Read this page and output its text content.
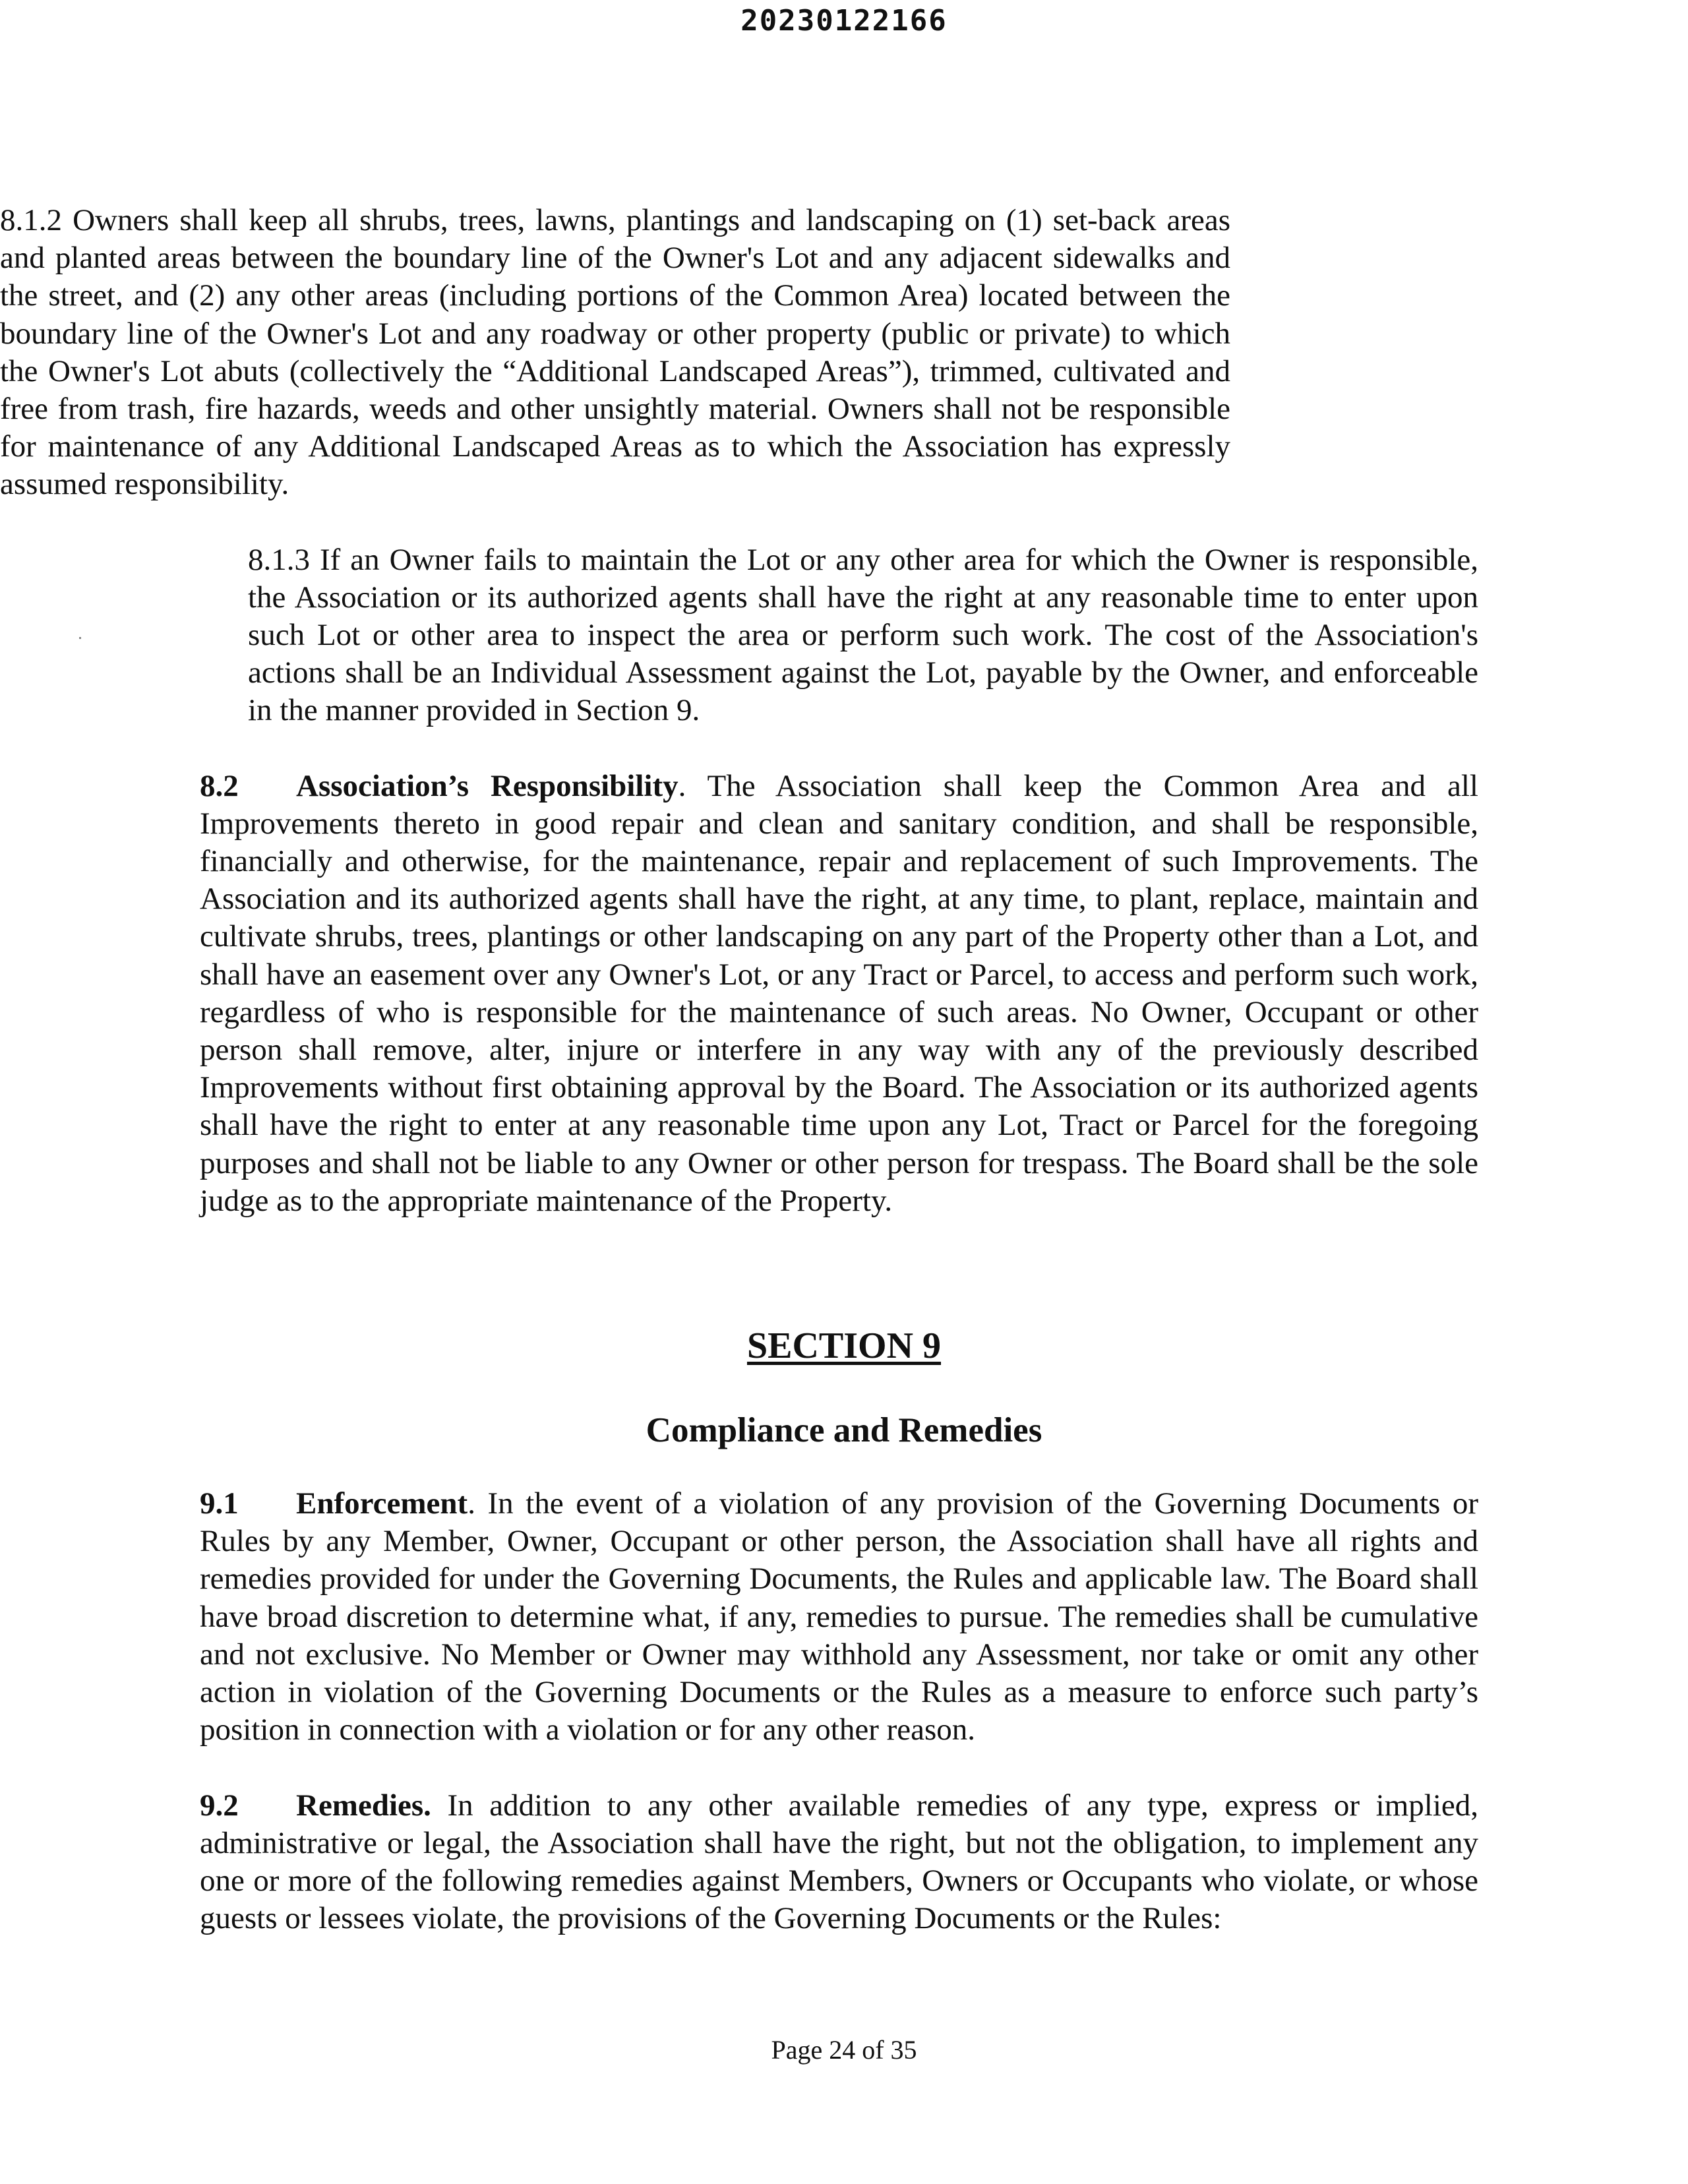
20230122166

8.1.2 Owners shall keep all shrubs, trees, lawns, plantings and landscaping on (1) set-back areas and planted areas between the boundary line of the Owner's Lot and any adjacent sidewalks and the street, and (2) any other areas (including portions of the Common Area) located between the boundary line of the Owner's Lot and any roadway or other property (public or private) to which the Owner's Lot abuts (collectively the “Additional Landscaped Areas”), trimmed, cultivated and free from trash, fire hazards, weeds and other unsightly material. Owners shall not be responsible for maintenance of any Additional Landscaped Areas as to which the Association has expressly assumed responsibility.

8.1.3 If an Owner fails to maintain the Lot or any other area for which the Owner is responsible, the Association or its authorized agents shall have the right at any reasonable time to enter upon such Lot or other area to inspect the area or perform such work. The cost of the Association's actions shall be an Individual Assessment against the Lot, payable by the Owner, and enforceable in the manner provided in Section 9.

8.2 Association’s Responsibility. The Association shall keep the Common Area and all Improvements thereto in good repair and clean and sanitary condition, and shall be responsible, financially and otherwise, for the maintenance, repair and replacement of such Improvements. The Association and its authorized agents shall have the right, at any time, to plant, replace, maintain and cultivate shrubs, trees, plantings or other landscaping on any part of the Property other than a Lot, and shall have an easement over any Owner's Lot, or any Tract or Parcel, to access and perform such work, regardless of who is responsible for the maintenance of such areas. No Owner, Occupant or other person shall remove, alter, injure or interfere in any way with any of the previously described Improvements without first obtaining approval by the Board. The Association or its authorized agents shall have the right to enter at any reasonable time upon any Lot, Tract or Parcel for the foregoing purposes and shall not be liable to any Owner or other person for trespass. The Board shall be the sole judge as to the appropriate maintenance of the Property.

SECTION 9
Compliance and Remedies

9.1 Enforcement. In the event of a violation of any provision of the Governing Documents or Rules by any Member, Owner, Occupant or other person, the Association shall have all rights and remedies provided for under the Governing Documents, the Rules and applicable law. The Board shall have broad discretion to determine what, if any, remedies to pursue. The remedies shall be cumulative and not exclusive. No Member or Owner may withhold any Assessment, nor take or omit any other action in violation of the Governing Documents or the Rules as a measure to enforce such party’s position in connection with a violation or for any other reason.

9.2 Remedies. In addition to any other available remedies of any type, express or implied, administrative or legal, the Association shall have the right, but not the obligation, to implement any one or more of the following remedies against Members, Owners or Occupants who violate, or whose guests or lessees violate, the provisions of the Governing Documents or the Rules:

Page 24 of 35
